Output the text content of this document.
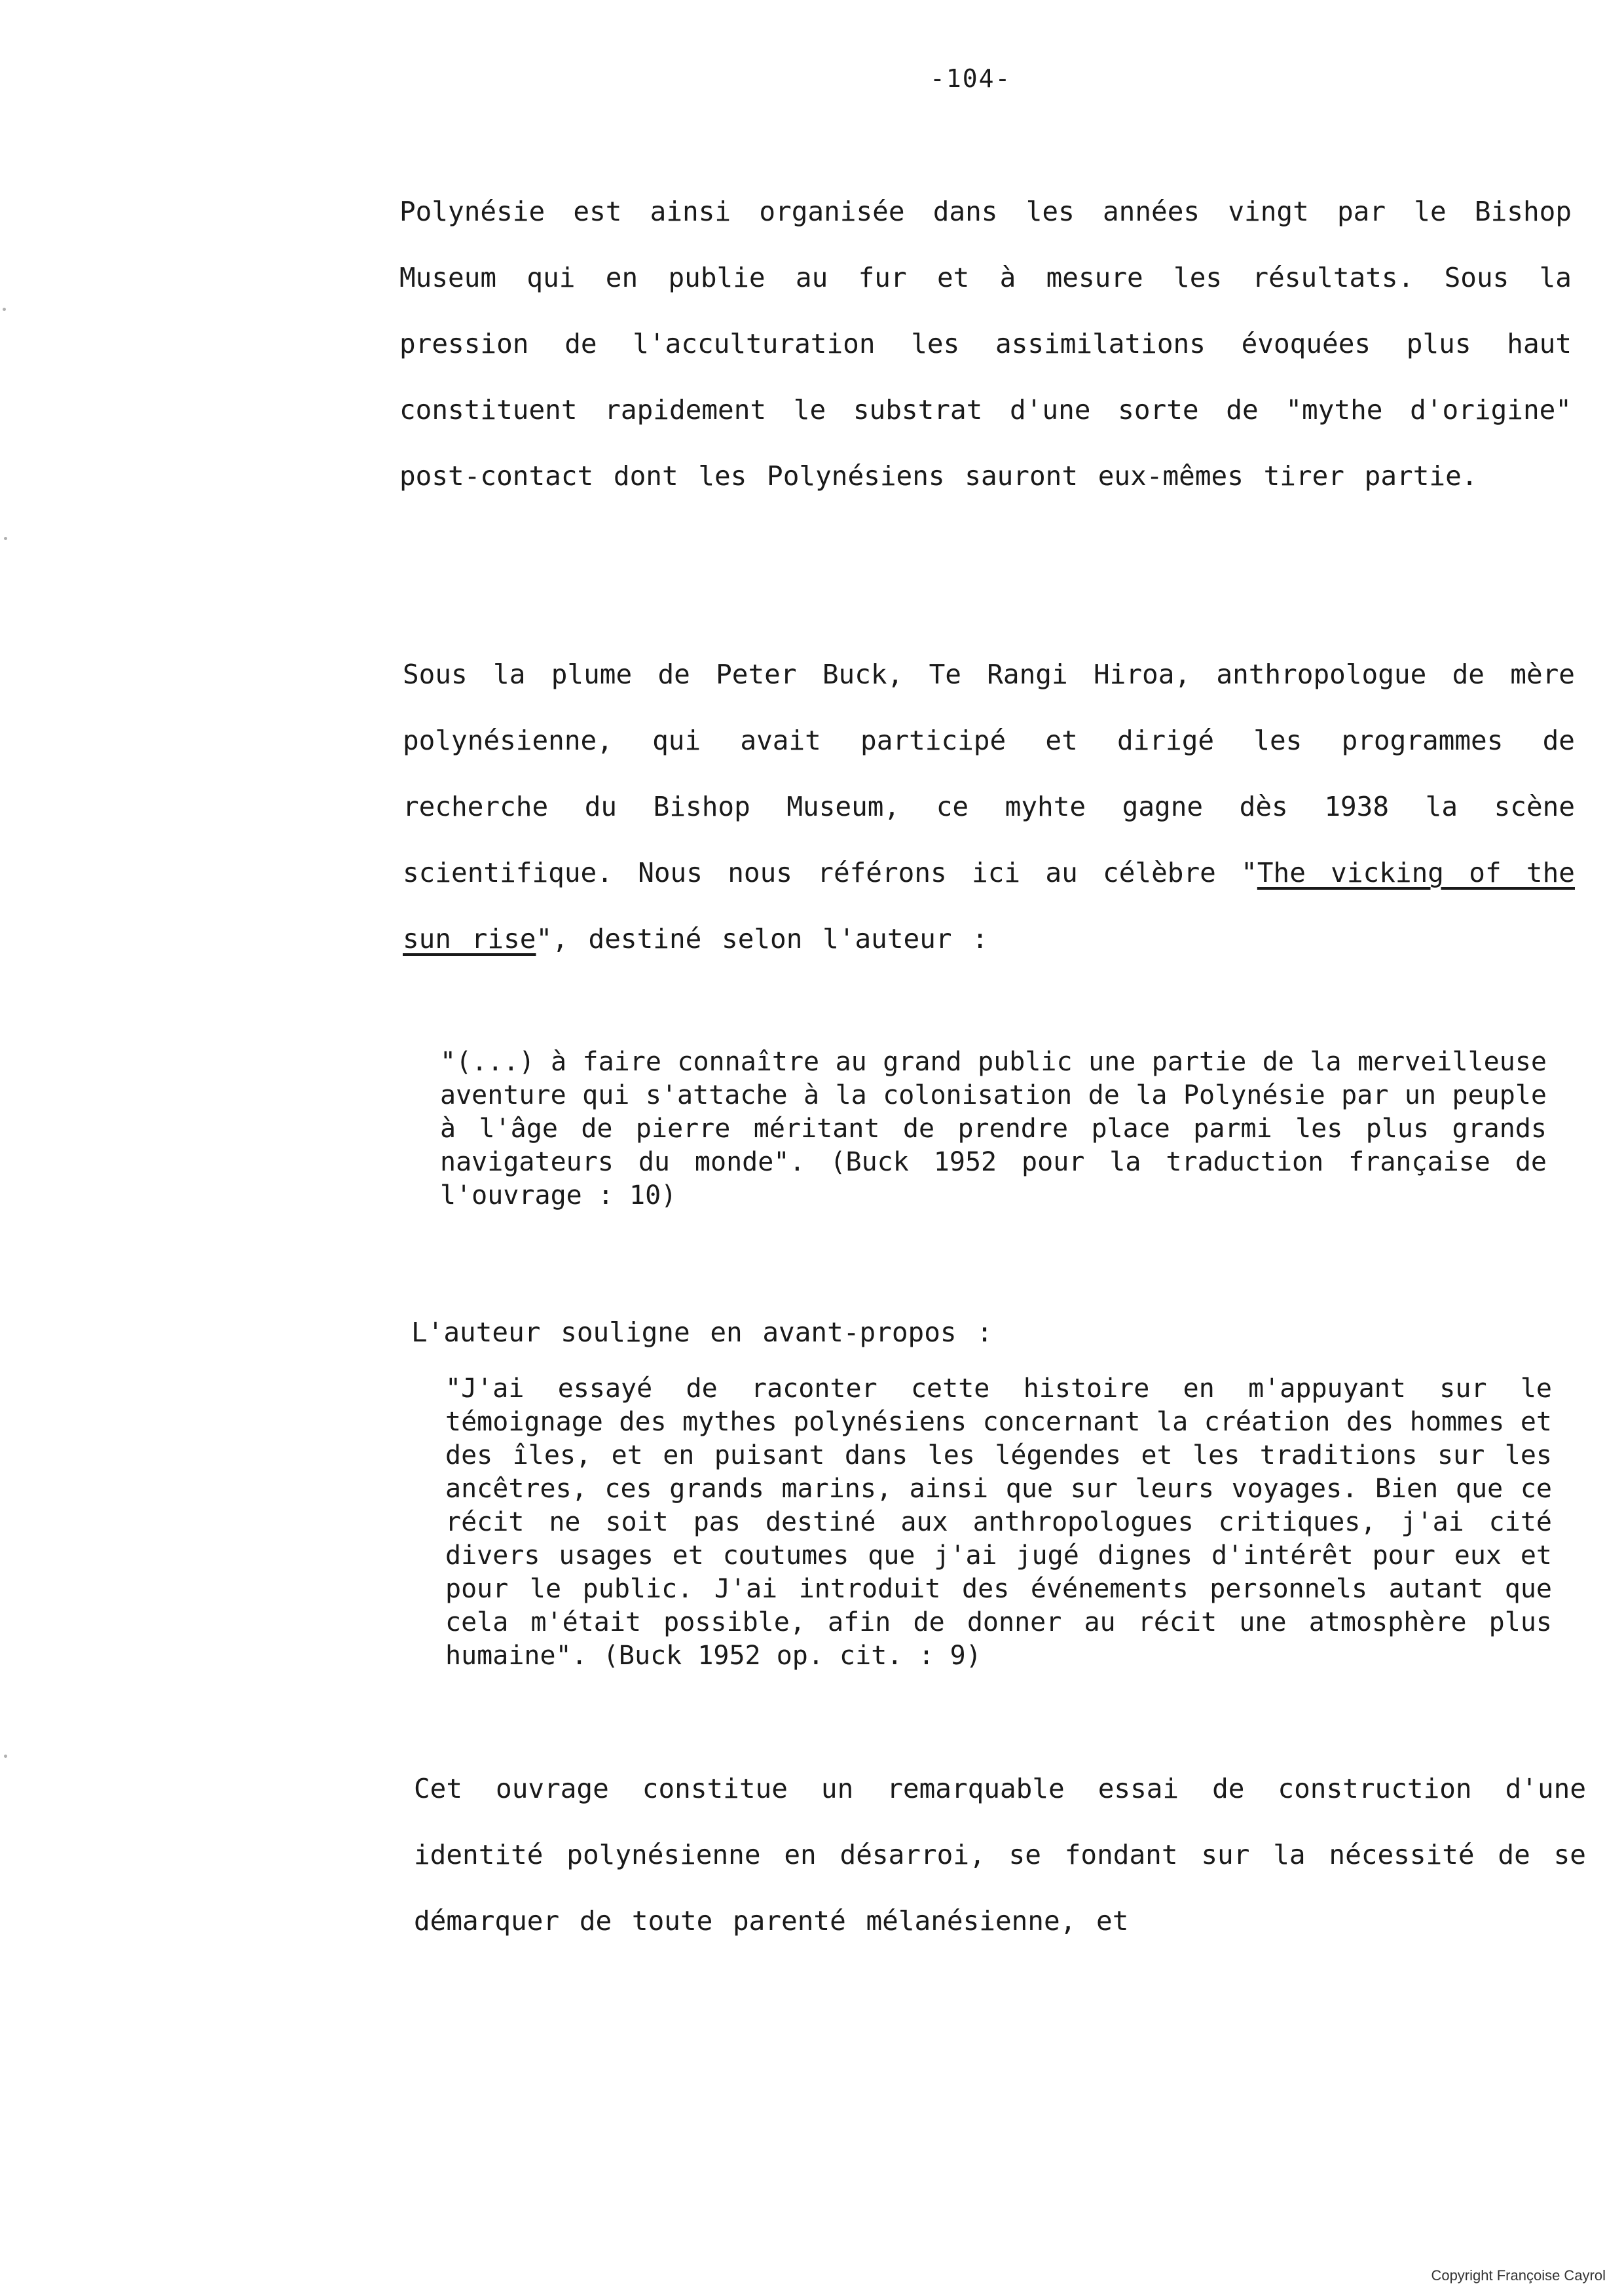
-104-
Polynésie est ainsi organisée dans les années vingt par le Bishop Museum qui en publie au fur et à mesure les résultats. Sous la pression de l'acculturation les assimilations évoquées plus haut constituent rapidement le substrat d'une sorte de "mythe d'origine" post-contact dont les Polynésiens sauront eux-mêmes tirer partie.
Sous la plume de Peter Buck, Te Rangi Hiroa, anthropologue de mère polynésienne, qui avait participé et dirigé les programmes de recherche du Bishop Museum, ce myhte gagne dès 1938 la scène scientifique. Nous nous référons ici au célèbre "The vicking of the sun rise", destiné selon l'auteur :
"(...) à faire connaître au grand public une partie de la merveilleuse aventure qui s'attache à la colonisation de la Polynésie par un peuple à l'âge de pierre méritant de prendre place parmi les plus grands navigateurs du monde". (Buck 1952 pour la traduction française de l'ouvrage : 10)
L'auteur souligne en avant-propos :
"J'ai essayé de raconter cette histoire en m'appuyant sur le témoignage des mythes polynésiens concernant la création des hommes et des îles, et en puisant dans les légendes et les traditions sur les ancêtres, ces grands marins, ainsi que sur leurs voyages. Bien que ce récit ne soit pas destiné aux anthropologues critiques, j'ai cité divers usages et coutumes que j'ai jugé dignes d'intérêt pour eux et pour le public. J'ai introduit des événements personnels autant que cela m'était possible, afin de donner au récit une atmosphère plus humaine". (Buck 1952 op. cit. : 9)
Cet ouvrage constitue un remarquable essai de construction d'une identité polynésienne en désarroi, se fondant sur la nécessité de se démarquer de toute parenté mélanésienne, et
Copyright Françoise Cayrol
